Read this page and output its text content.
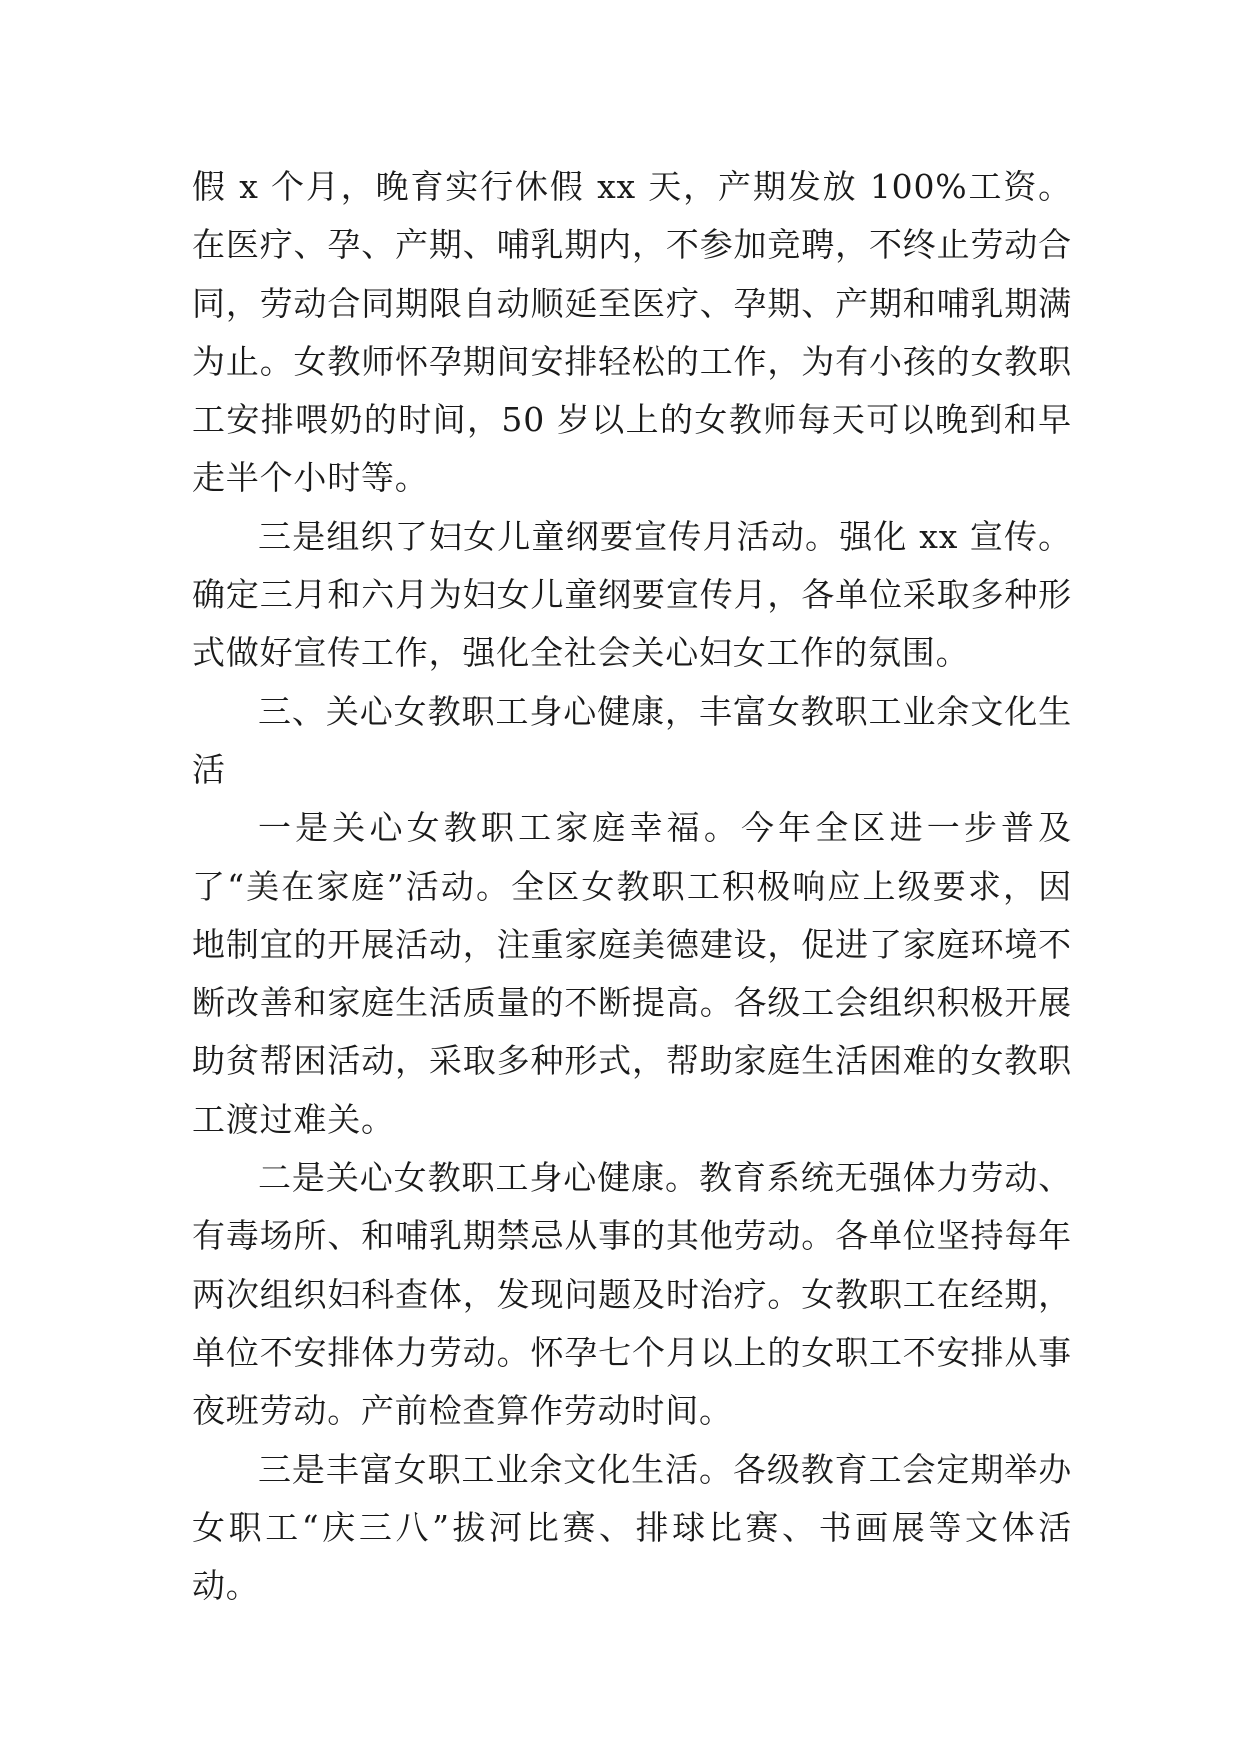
假 x 个月，晚育实行休假 xx 天，产期发放 100%工资。在医疗、孕、产期、哺乳期内，不参加竞聘，不终止劳动合同，劳动合同期限自动顺延至医疗、孕期、产期和哺乳期满为止。女教师怀孕期间安排轻松的工作，为有小孩的女教职工安排喂奶的时间，50 岁以上的女教师每天可以晚到和早走半个小时等。

三是组织了妇女儿童纲要宣传月活动。强化 xx 宣传。确定三月和六月为妇女儿童纲要宣传月，各单位采取多种形式做好宣传工作，强化全社会关心妇女工作的氛围。

三、关心女教职工身心健康，丰富女教职工业余文化生活

一是关心女教职工家庭幸福。今年全区进一步普及了“美在家庭”活动。全区女教职工积极响应上级要求，因地制宜的开展活动，注重家庭美德建设，促进了家庭环境不断改善和家庭生活质量的不断提高。各级工会组织积极开展助贫帮困活动，采取多种形式，帮助家庭生活困难的女教职工渡过难关。

二是关心女教职工身心健康。教育系统无强体力劳动、有毒场所、和哺乳期禁忌从事的其他劳动。各单位坚持每年两次组织妇科查体，发现问题及时治疗。女教职工在经期，单位不安排体力劳动。怀孕七个月以上的女职工不安排从事夜班劳动。产前检查算作劳动时间。

三是丰富女职工业余文化生活。各级教育工会定期举办女职工“庆三八”拔河比赛、排球比赛、书画展等文体活动。
